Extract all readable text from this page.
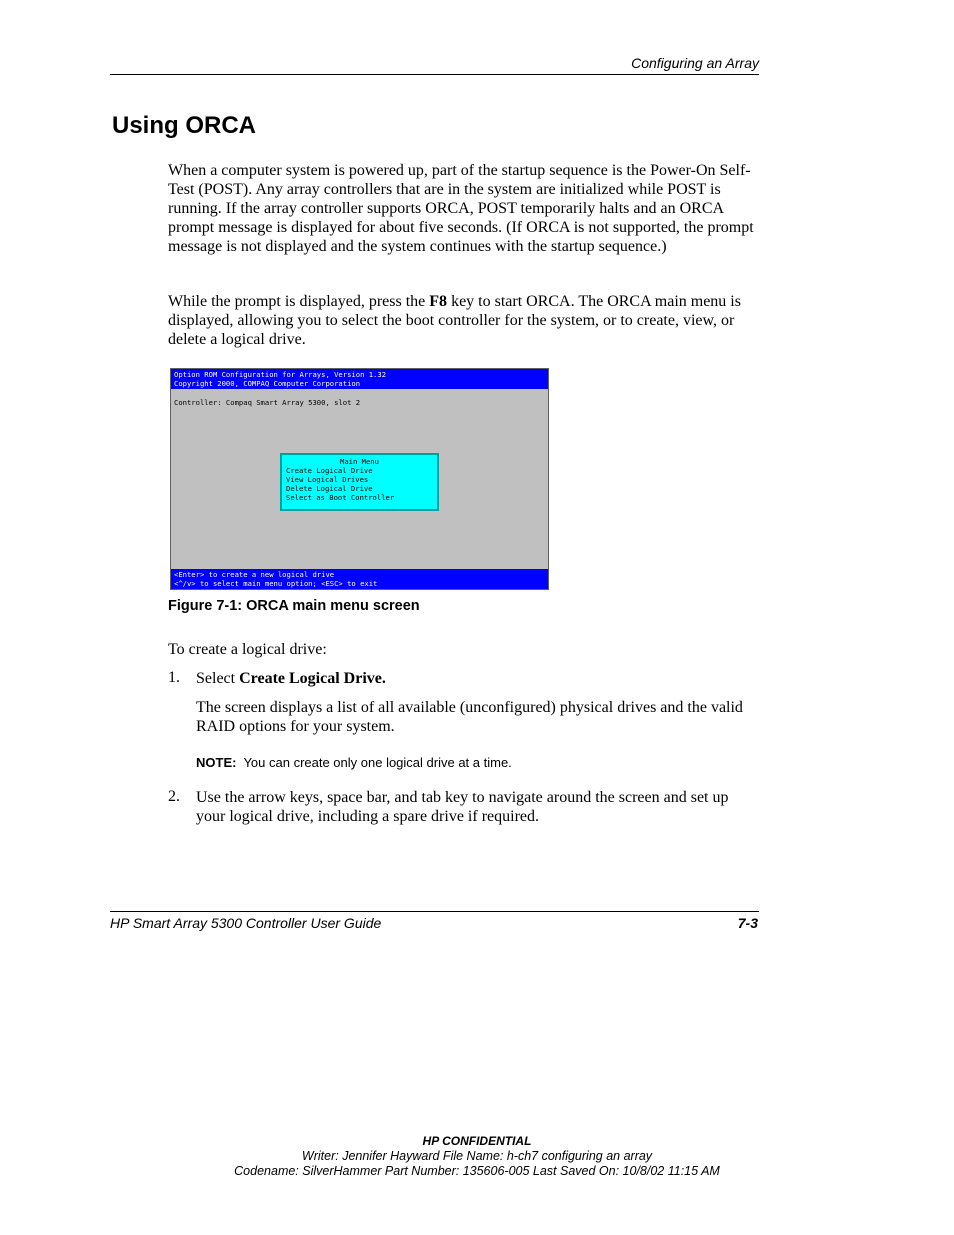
Configuring an Array
Using ORCA
When a computer system is powered up, part of the startup sequence is the Power-On Self-Test (POST). Any array controllers that are in the system are initialized while POST is running. If the array controller supports ORCA, POST temporarily halts and an ORCA prompt message is displayed for about five seconds. (If ORCA is not supported, the prompt message is not displayed and the system continues with the startup sequence.)
While the prompt is displayed, press the F8 key to start ORCA. The ORCA main menu is displayed, allowing you to select the boot controller for the system, or to create, view, or delete a logical drive.
Option ROM Configuration for Arrays, Version 1.32
Copyright 2000, COMPAQ Computer Corporation
Controller: Compaq Smart Array 5300, slot 2
Main Menu
Create Logical Drive
View Logical Drives
Delete Logical Drive
Select as Boot Controller
<Enter> to create a new logical drive
<^/v> to select main menu option; <ESC> to exit
Figure 7-1: ORCA main menu screen
To create a logical drive:
1. Select Create Logical Drive.
The screen displays a list of all available (unconfigured) physical drives and the valid RAID options for your system.
NOTE:  You can create only one logical drive at a time.
2. Use the arrow keys, space bar, and tab key to navigate around the screen and set up your logical drive, including a spare drive if required.
HP Smart Array 5300 Controller User Guide	7-3
HP CONFIDENTIAL
Writer: Jennifer Hayward File Name: h-ch7 configuring an array
Codename: SilverHammer Part Number: 135606-005 Last Saved On: 10/8/02 11:15 AM
